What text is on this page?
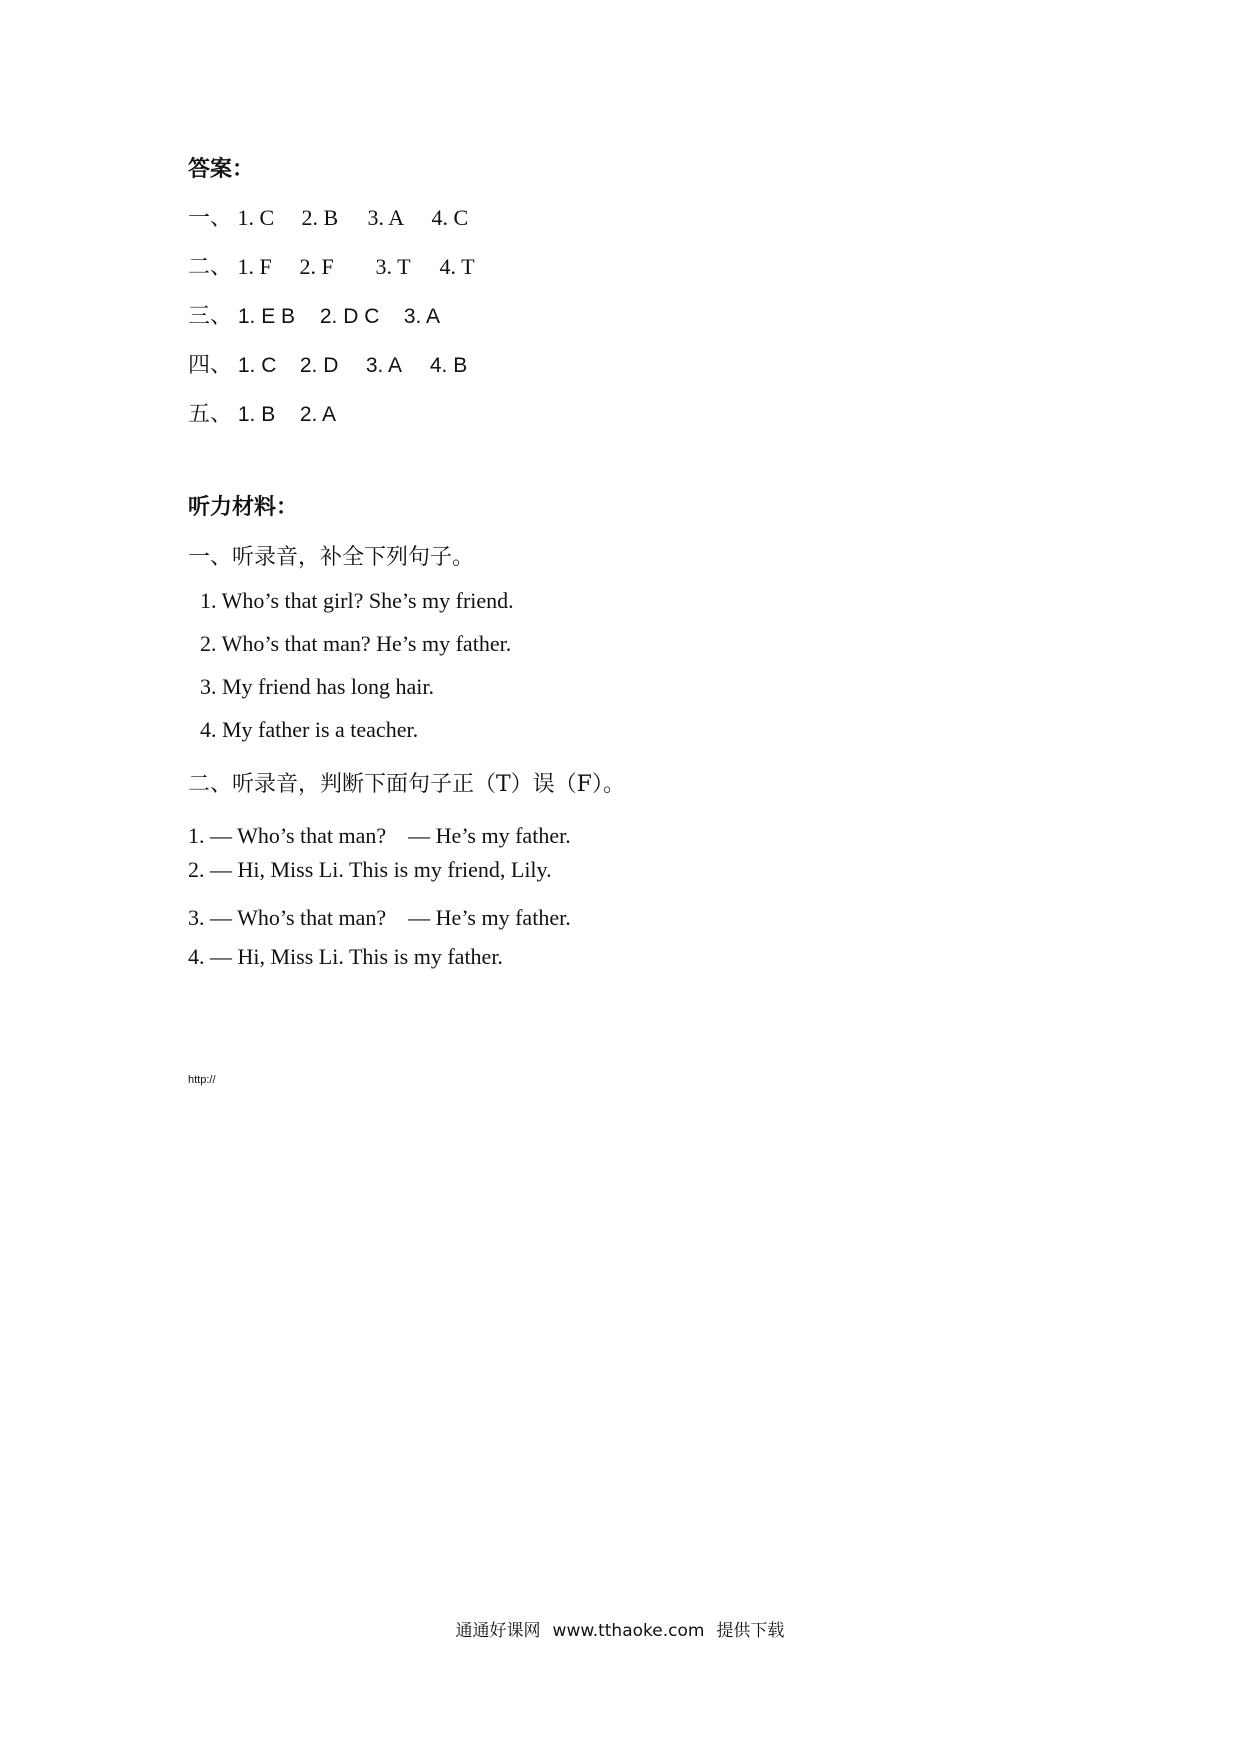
答案：
一、 1. C 2. B 3. A 4. C
二、 1. F 2. F 3. T 4. T
三、 1. E B 2. D C 3. A
四、 1. C 2. D 3. A 4. B
五、 1. B 2. A
听力材料：
一、听录音，补全下列句子。
1. Who’s that girl? She’s my friend.
2. Who’s that man? He’s my father.
3. My friend has long hair.
4. My father is a teacher.
二、听录音，判断下面句子正（T）误（F）。
1. — Who’s that man?　— He’s my father.
2. — Hi, Miss Li. This is my friend, Lily.
3. — Who’s that man?　— He’s my father.
4. — Hi, Miss Li. This is my father.
http://
通通好课网 www.tthaoke.com 提供下载
